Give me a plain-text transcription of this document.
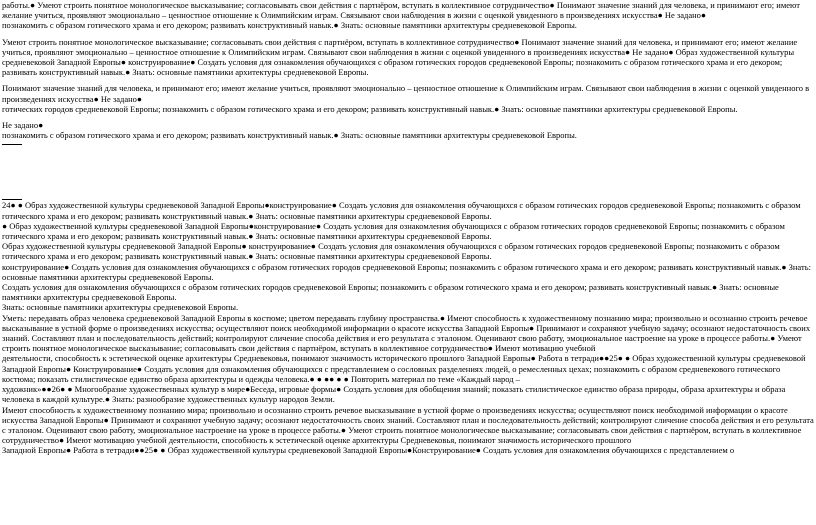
работы.● Умеют строить понятное монологическое высказывание; согласовывать свои действия с партнёром, вступать в коллективное сотрудничество● Понимают значение знаний для человека, и принимают его; имеют желание учиться, проявляют эмоционально – ценностное отношение к Олимпийским играм. Связывают свои наблюдения в жизни с оценкой увиденного в произведениях искусства● Не задано●

познакомить с образом готического храма и его декором; развивать конструктивный навык.● Знать: основные памятники архитектуры средневековой Европы.

Умеют строить понятное монологическое высказывание; согласовывать свои действия с партнёром, вступать в коллективное сотрудничество● Понимают значение знаний для человека, и принимают его; имеют желание учиться, проявляют эмоционально – ценностное отношение к Олимпийским играм. Связывают свои наблюдения в жизни с оценкой увиденного в произведениях искусства● Не задано● Образ художественной культуры средневековой Западной Европы● конструирование● Создать условия для ознакомления обучающихся с образом готических городов средневековой Европы; познакомить с образом готического храма и его декором; развивать конструктивный навык.● Знать: основные памятники архитектуры средневековой Европы.

Понимают значение знаний для человека, и принимают его; имеют желание учиться, проявляют эмоционально – ценностное отношение к Олимпийским играм. Связывают свои наблюдения в жизни с оценкой увиденного в произведениях искусства● Не задано●

готических городов средневековой Европы; познакомить с образом готического храма и его декором; развивать конструктивный навык.● Знать: основные памятники архитектуры средневековой Европы.

Не задано●

познакомить с образом готического храма и его декором; развивать конструктивный навык.● Знать: основные памятники архитектуры средневековой Европы.

24● ● Образ художественной культуры средневековой Западной Европы●конструирование● Создать условия для ознакомления обучающихся с образом готических городов средневековой Европы; познакомить с образом готического храма и его декором; развивать конструктивный навык.● Знать: основные памятники архитектуры средневековой Европы.

● Образ художественной культуры средневековой Западной Европы●конструирование● Создать условия для ознакомления обучающихся с образом готических городов средневековой Европы; познакомить с образом готического храма и его декором; развивать конструктивный навык.● Знать: основные памятники архитектуры средневековой Европы.

Образ художественной культуры средневековой Западной Европы● конструирование● Создать условия для ознакомления обучающихся с образом готических городов средневековой Европы; познакомить с образом готического храма и его декором; развивать конструктивный навык.● Знать: основные памятники архитектуры средневековой Европы.

конструирование● Создать условия для ознакомления обучающихся с образом готических городов средневековой Европы; познакомить с образом готического храма и его декором; развивать конструктивный навык.● Знать: основные памятники архитектуры средневековой Европы.

Создать условия для ознакомления обучающихся с образом готических городов средневековой Европы; познакомить с образом готического храма и его декором; развивать конструктивный навык.● Знать: основные памятники архитектуры средневековой Европы.

Знать: основные памятники архитектуры средневековой Европы.

Уметь: передавать образ человека средневековой Западной Европы в костюме; цветом передавать глубину пространства.● Имеют способность к художественному познанию мира; произвольно и осознанно строить речевое высказывание в устной форме о произведениях искусства; осуществляют поиск необходимой информации о красоте искусства Западной Европы● Принимают и сохраняют учебную задачу; осознают недостаточность своих знаний. Составляют план и последовательность действий; контролируют сличение способа действия и его результата с эталоном. Оценивают свою работу, эмоциональное настроение на уроке в процессе работы.● Умеют строить понятное монологическое высказывание; согласовывать свои действия с партнёром, вступать в коллективное сотрудничество● Имеют мотивацию учебной

деятельности, способность к эстетической оценке архитектуры Средневековья, понимают значимость исторического прошлого Западной Европы● Работа в тетради●●25● ● Образ художественной культуры средневековой Западной Европы● Конструирование● Создать условия для ознакомления обучающихся с представлением о сословных разделениях людей, о ремесленных цехах; познакомить с образом средневекового готического костюма; показать стилистическое единство образа архитектуры и одежды человека.● ● ●● ● ● Повторить материал по теме «Каждый народ –

художник»●●26● ● Многообразие художественных культур в мире●Беседа, игровые формы● Создать условия для обобщения знаний; показать стилистическое единство образа природы, образа архитектуры и образа человека в каждой культуре.● Знать: разнообразие художественных культур народов Земли.

Имеют способность к художественному познанию мира; произвольно и осознанно строить речевое высказывание в устной форме о произведениях искусства; осуществляют поиск необходимой информации о красоте искусства Западной Европы● Принимают и сохраняют учебную задачу; осознают недостаточность своих знаний. Составляют план и последовательность действий; контролируют сличение способа действия и его результата с эталоном. Оценивают свою работу, эмоциональное настроение на уроке в процессе работы.● Умеют строить понятное монологическое высказывание; согласовывать свои действия с партнёром, вступать в коллективное сотрудничество● Имеют мотивацию учебной деятельности, способность к эстетической оценке архитектуры Средневековья, понимают значимость исторического прошлого

Западной Европы● Работа в тетради●●25● ● Образ художественной культуры средневековой Западной Европы●Конструирование● Создать условия для ознакомления обучающихся с представлением о
